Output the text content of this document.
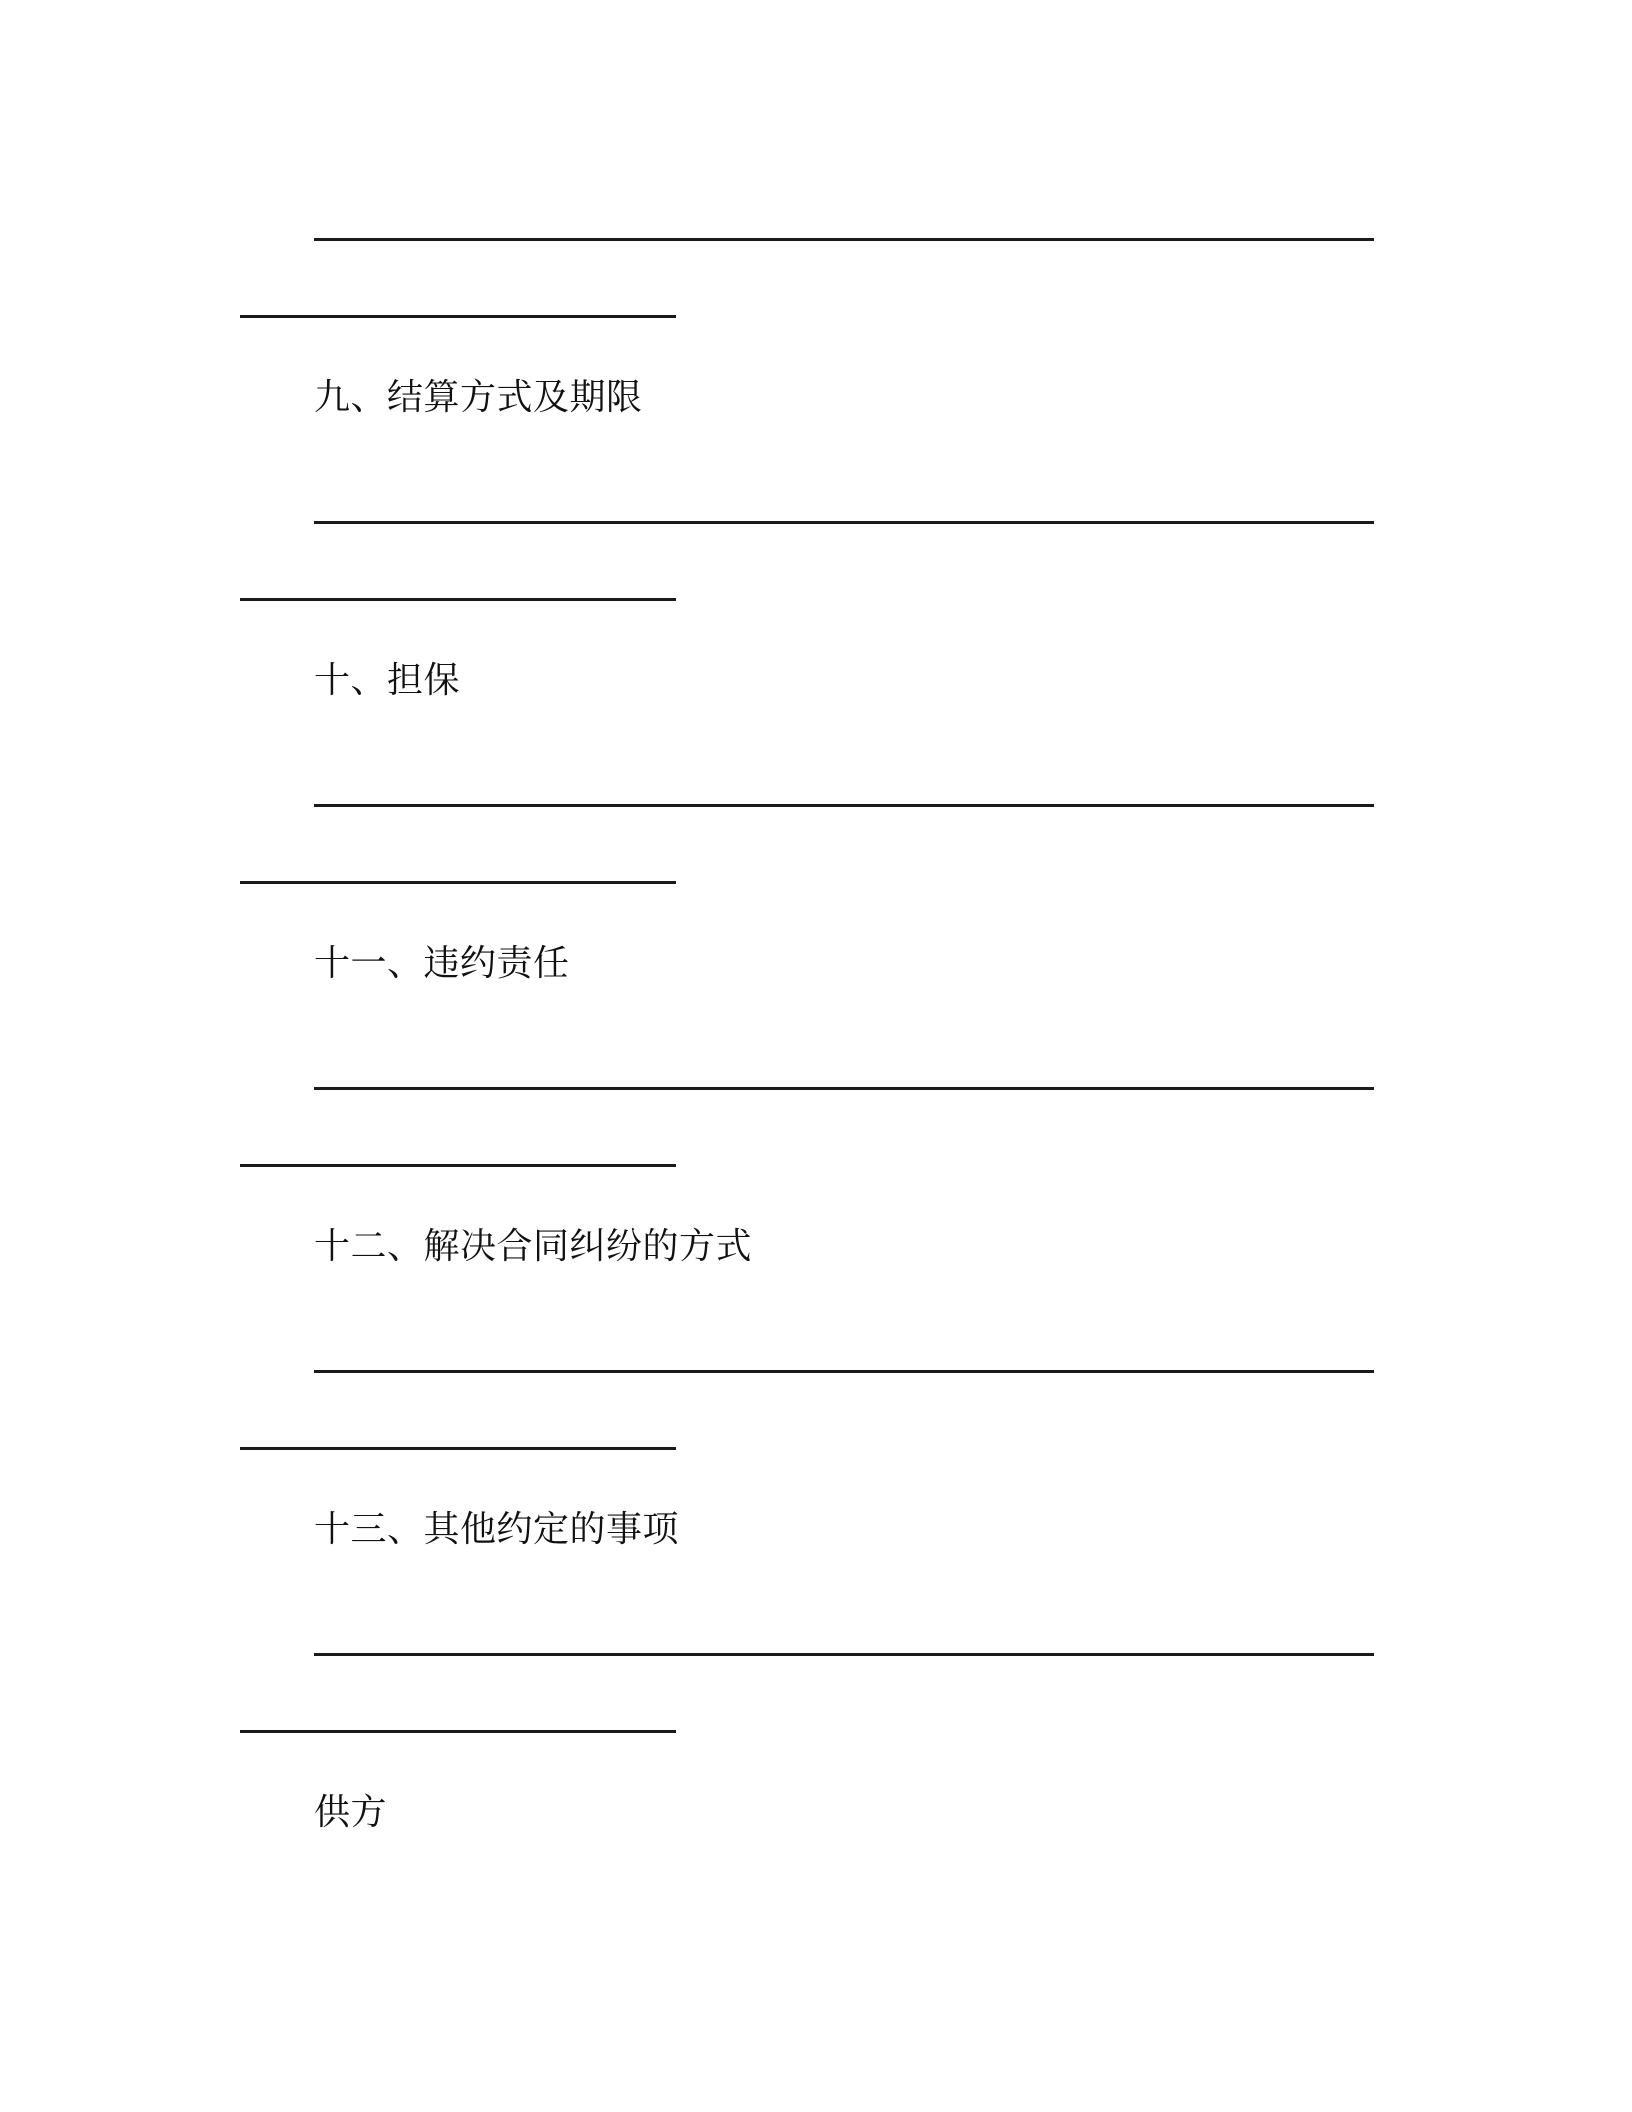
九、结算方式及期限
十、担保
十一、违约责任
十二、解决合同纠纷的方式
十三、其他约定的事项
供方
